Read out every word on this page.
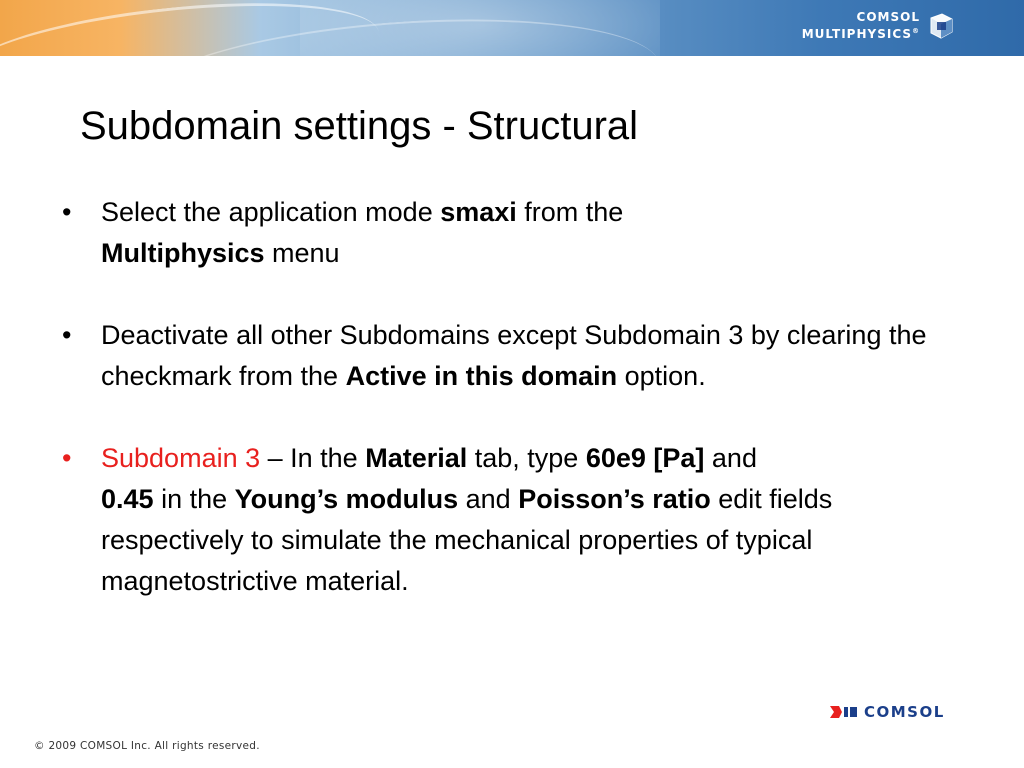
COMSOL
MULTIPHYSICS®
Subdomain settings - Structural
• Select the application mode smaxi from the
Multiphysics menu
• Deactivate all other Subdomains except Subdomain 3 by clearing the checkmark from the Active in this domain option.
• Subdomain 3 – In the Material tab, type 60e9 [Pa] and
0.45 in the Young’s modulus and Poisson’s ratio edit fields respectively to simulate the mechanical properties of typical magnetostrictive material.
COMSOL
© 2009 COMSOL Inc. All rights reserved.
